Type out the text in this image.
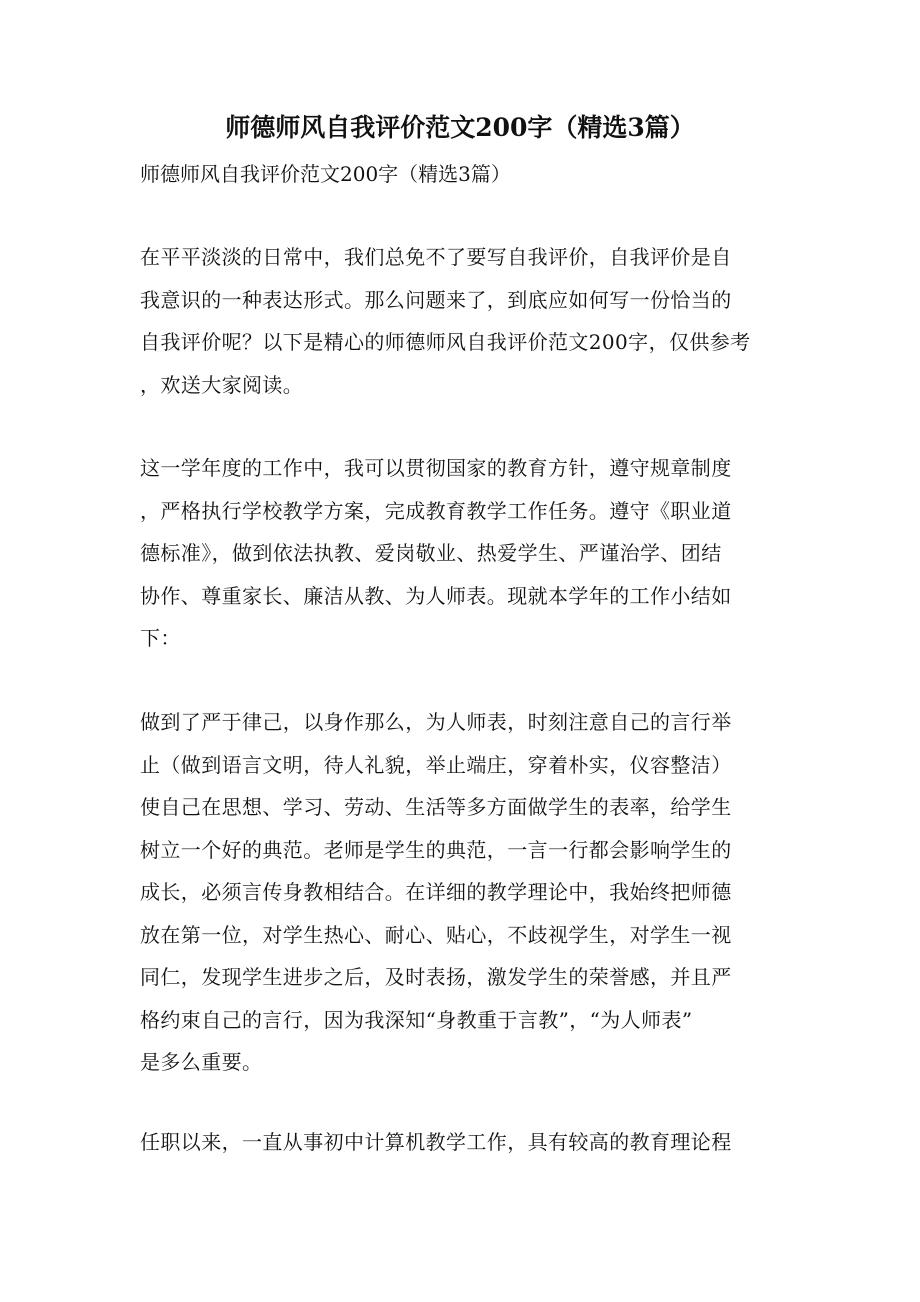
师德师风自我评价范文200字（精选3篇）
师德师风自我评价范文200字（精选3篇）
在平平淡淡的日常中，我们总免不了要写自我评价，自我评价是自
我意识的一种表达形式。那么问题来了，到底应如何写一份恰当的
自我评价呢？以下是精心的师德师风自我评价范文200字，仅供参考
，欢送大家阅读。
这一学年度的工作中，我可以贯彻国家的教育方针，遵守规章制度
，严格执行学校教学方案，完成教育教学工作任务。遵守《职业道
德标准》，做到依法执教、爱岗敬业、热爱学生、严谨治学、团结
协作、尊重家长、廉洁从教、为人师表。现就本学年的工作小结如
下：
做到了严于律己，以身作那么，为人师表，时刻注意自己的言行举
止（做到语言文明，待人礼貌，举止端庄，穿着朴实，仪容整洁）
使自己在思想、学习、劳动、生活等多方面做学生的表率，给学生
树立一个好的典范。老师是学生的典范，一言一行都会影响学生的
成长，必须言传身教相结合。在详细的教学理论中，我始终把师德
放在第一位，对学生热心、耐心、贴心，不歧视学生，对学生一视
同仁，发现学生进步之后，及时表扬，激发学生的荣誉感，并且严
格约束自己的言行，因为我深知“身教重于言教”，“为人师表”
是多么重要。
任职以来，一直从事初中计算机教学工作，具有较高的教育理论程
